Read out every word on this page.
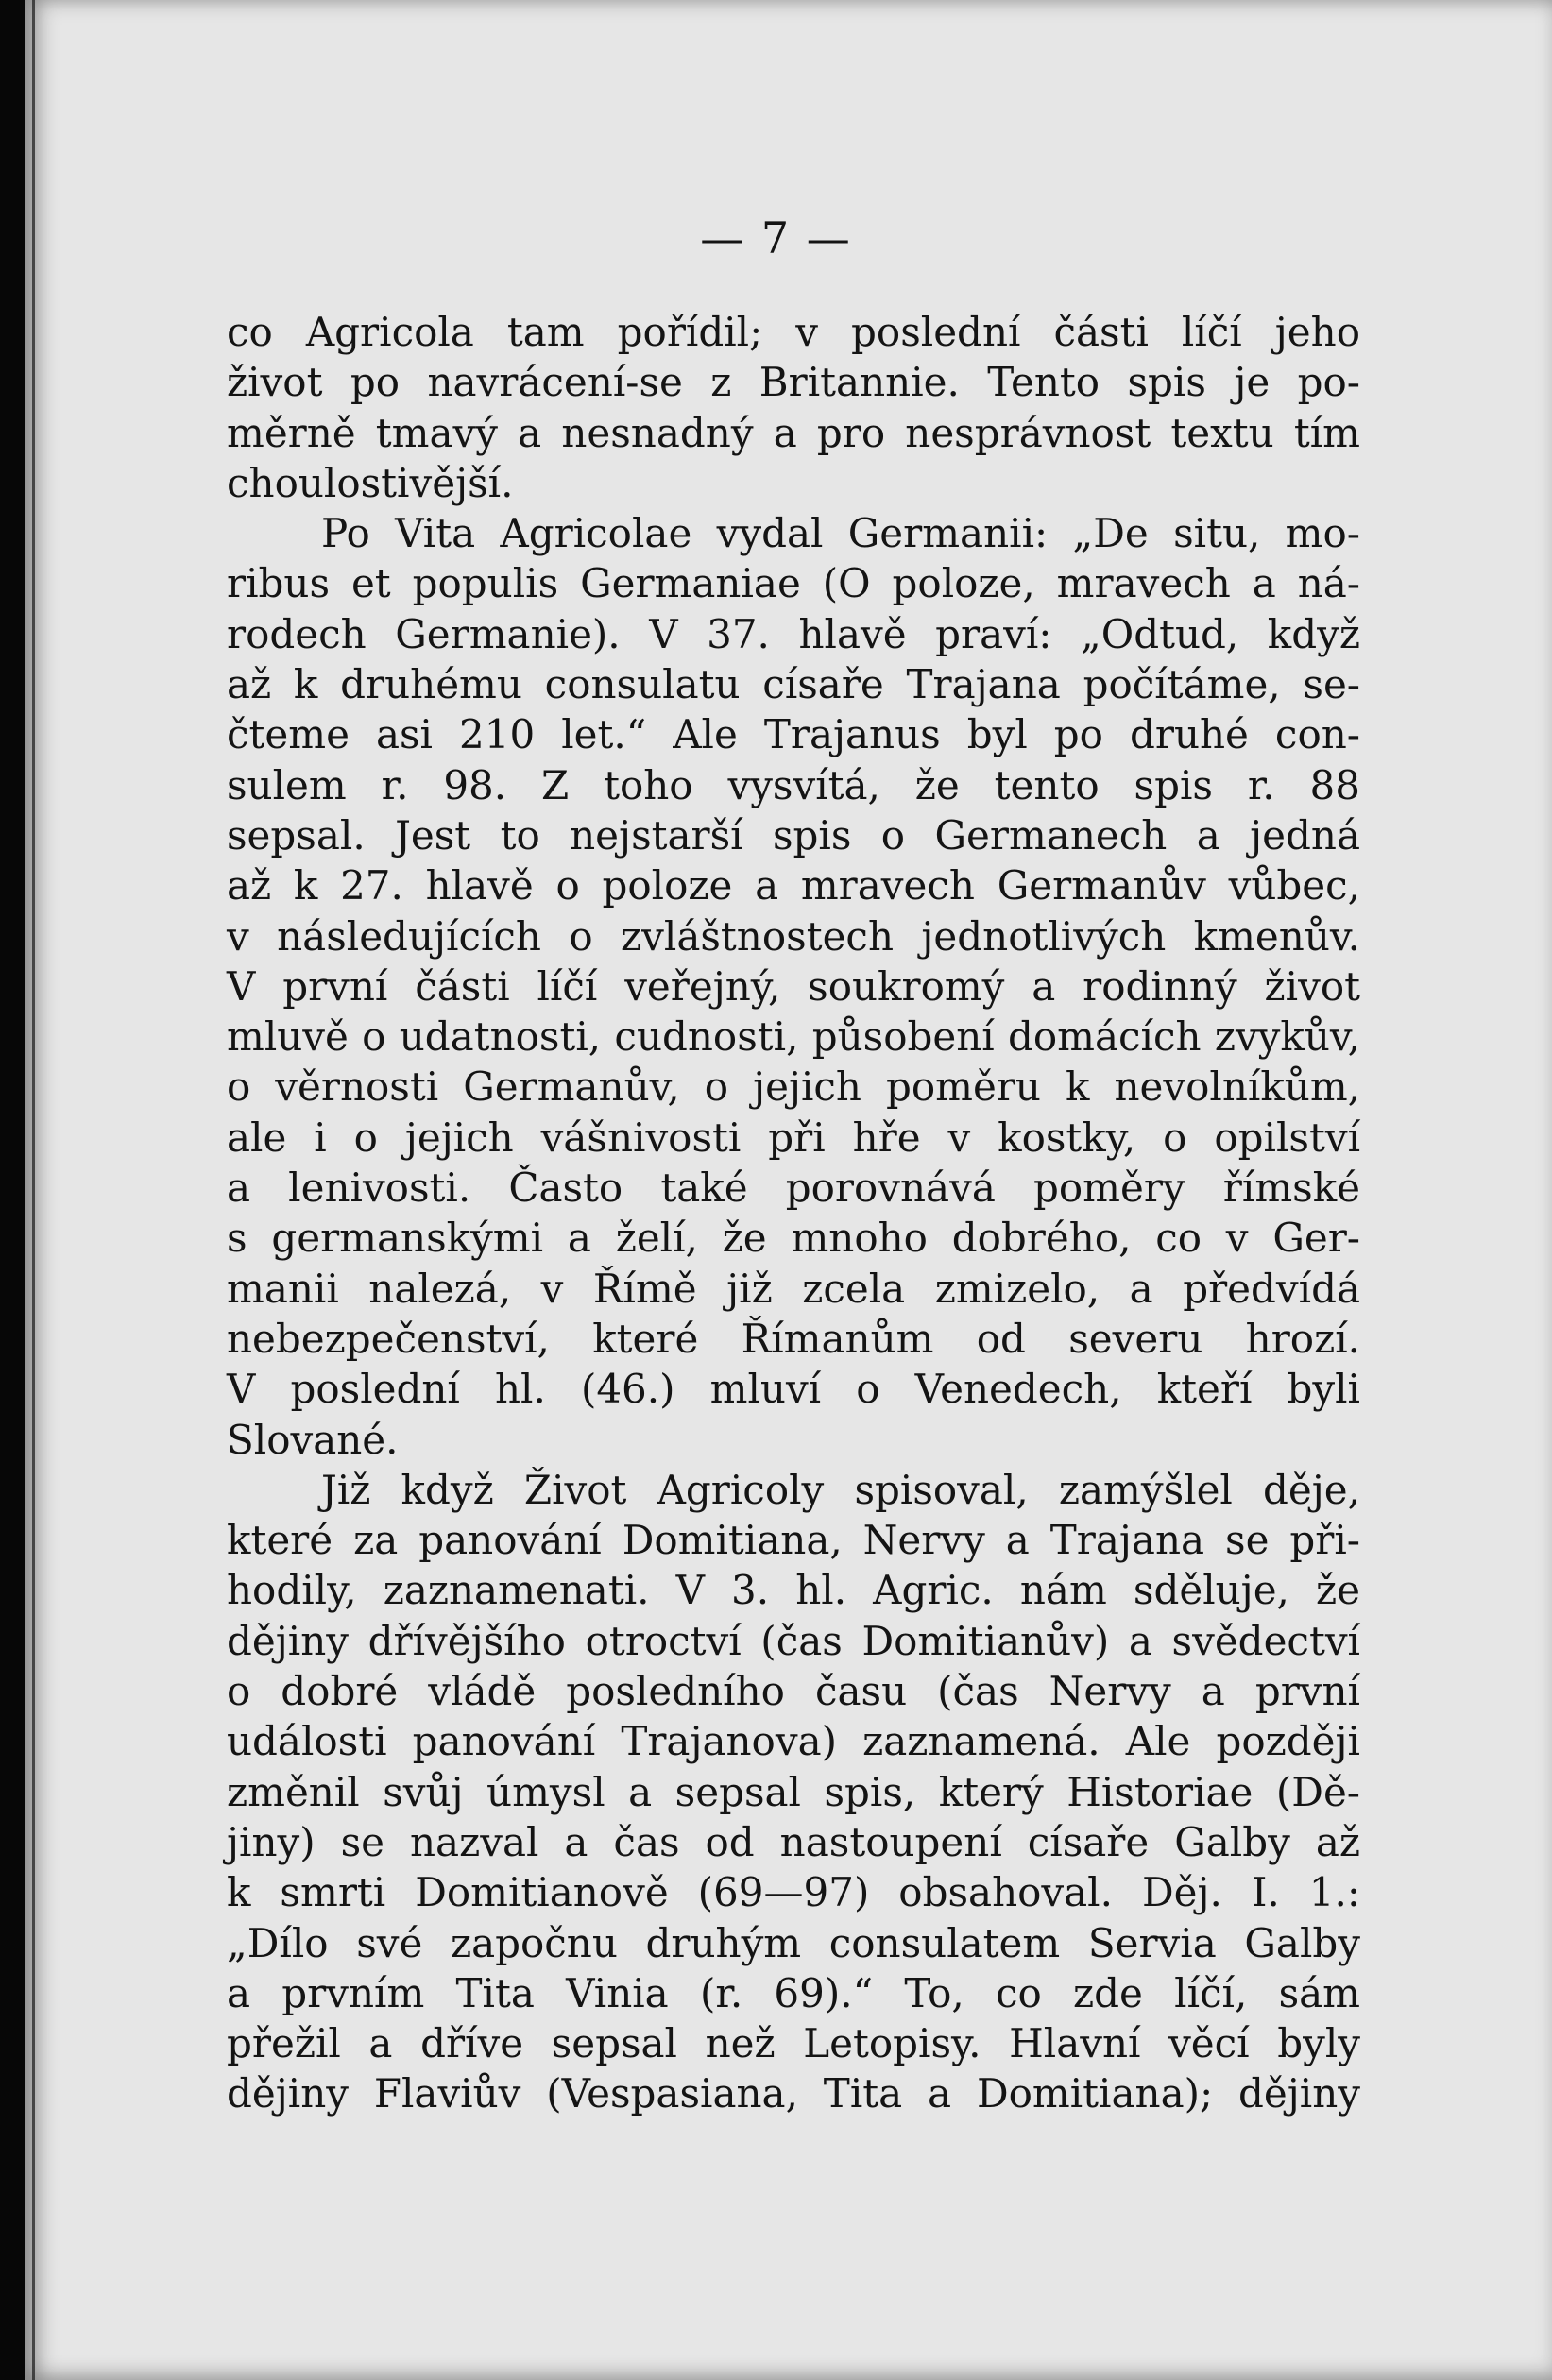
— 7 —
co Agricola tam pořídil; v poslední části líčí jeho
život po navrácení-se z Britannie. Tento spis je po-
měrně tmavý a nesnadný a pro nesprávnost textu tím
choulostivější.
Po Vita Agricolae vydal Germanii: „De situ, mo-
ribus et populis Germaniae (O poloze, mravech a ná-
rodech Germanie). V 37. hlavě praví: „Odtud, když
až k druhému consulatu císaře Trajana počítáme, se-
čteme asi 210 let.“ Ale Trajanus byl po druhé con-
sulem r. 98. Z toho vysvítá, že tento spis r. 88
sepsal. Jest to nejstarší spis o Germanech a jedná
až k 27. hlavě o poloze a mravech Germanův vůbec,
v následujících o zvláštnostech jednotlivých kmenův.
V první části líčí veřejný, soukromý a rodinný život
mluvě o udatnosti, cudnosti, působení domácích zvykův,
o věrnosti Germanův, o jejich poměru k nevolníkům,
ale i o jejich vášnivosti při hře v kostky, o opilství
a lenivosti. Často také porovnává poměry římské
s germanskými a želí, že mnoho dobrého, co v Ger-
manii nalezá, v Římě již zcela zmizelo, a předvídá
nebezpečenství, které Římanům od severu hrozí.
V poslední hl. (46.) mluví o Venedech, kteří byli
Slované.
Již když Život Agricoly spisoval, zamýšlel děje,
které za panování Domitiana, Nervy a Trajana se při-
hodily, zaznamenati. V 3. hl. Agric. nám sděluje, že
dějiny dřívějšího otroctví (čas Domitianův) a svědectví
o dobré vládě posledního času (čas Nervy a první
události panování Trajanova) zaznamená. Ale později
změnil svůj úmysl a sepsal spis, který Historiae (Dě-
jiny) se nazval a čas od nastoupení císaře Galby až
k smrti Domitianově (69—97) obsahoval. Děj. I. 1.:
„Dílo své započnu druhým consulatem Servia Galby
a prvním Tita Vinia (r. 69).“ To, co zde líčí, sám
přežil a dříve sepsal než Letopisy. Hlavní věcí byly
dějiny Flaviův (Vespasiana, Tita a Domitiana); dějiny
